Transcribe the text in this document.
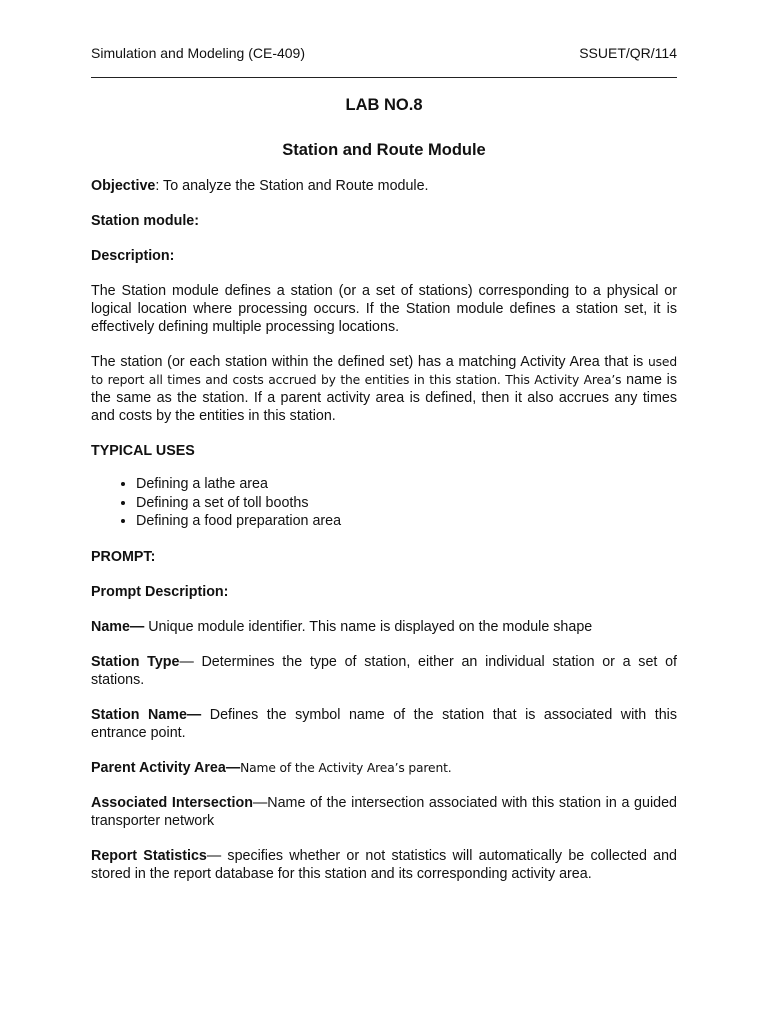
Simulation and Modeling (CE-409)	SSUET/QR/114
LAB NO.8
Station and Route Module

Objective: To analyze the Station and Route module.

Station module:

Description:

The Station module defines a station (or a set of stations) corresponding to a physical or logical location where processing occurs. If the Station module defines a station set, it is effectively defining multiple processing locations.

The station (or each station within the defined set) has a matching Activity Area that is used to report all times and costs accrued by the entities in this station. This Activity Area’s name is the same as the station. If a parent activity area is defined, then it also accrues any times and costs by the entities in this station.

TYPICAL USES

• Defining a lathe area
• Defining a set of toll booths
• Defining a food preparation area

PROMPT:

Prompt Description:

Name— Unique module identifier. This name is displayed on the module shape

Station Type— Determines the type of station, either an individual station or a set of stations.

Station Name— Defines the symbol name of the station that is associated with this entrance point.

Parent Activity Area—Name of the Activity Area’s parent.

Associated Intersection—Name of the intersection associated with this station in a guided transporter network

Report Statistics— specifies whether or not statistics will automatically be collected and stored in the report database for this station and its corresponding activity area.
